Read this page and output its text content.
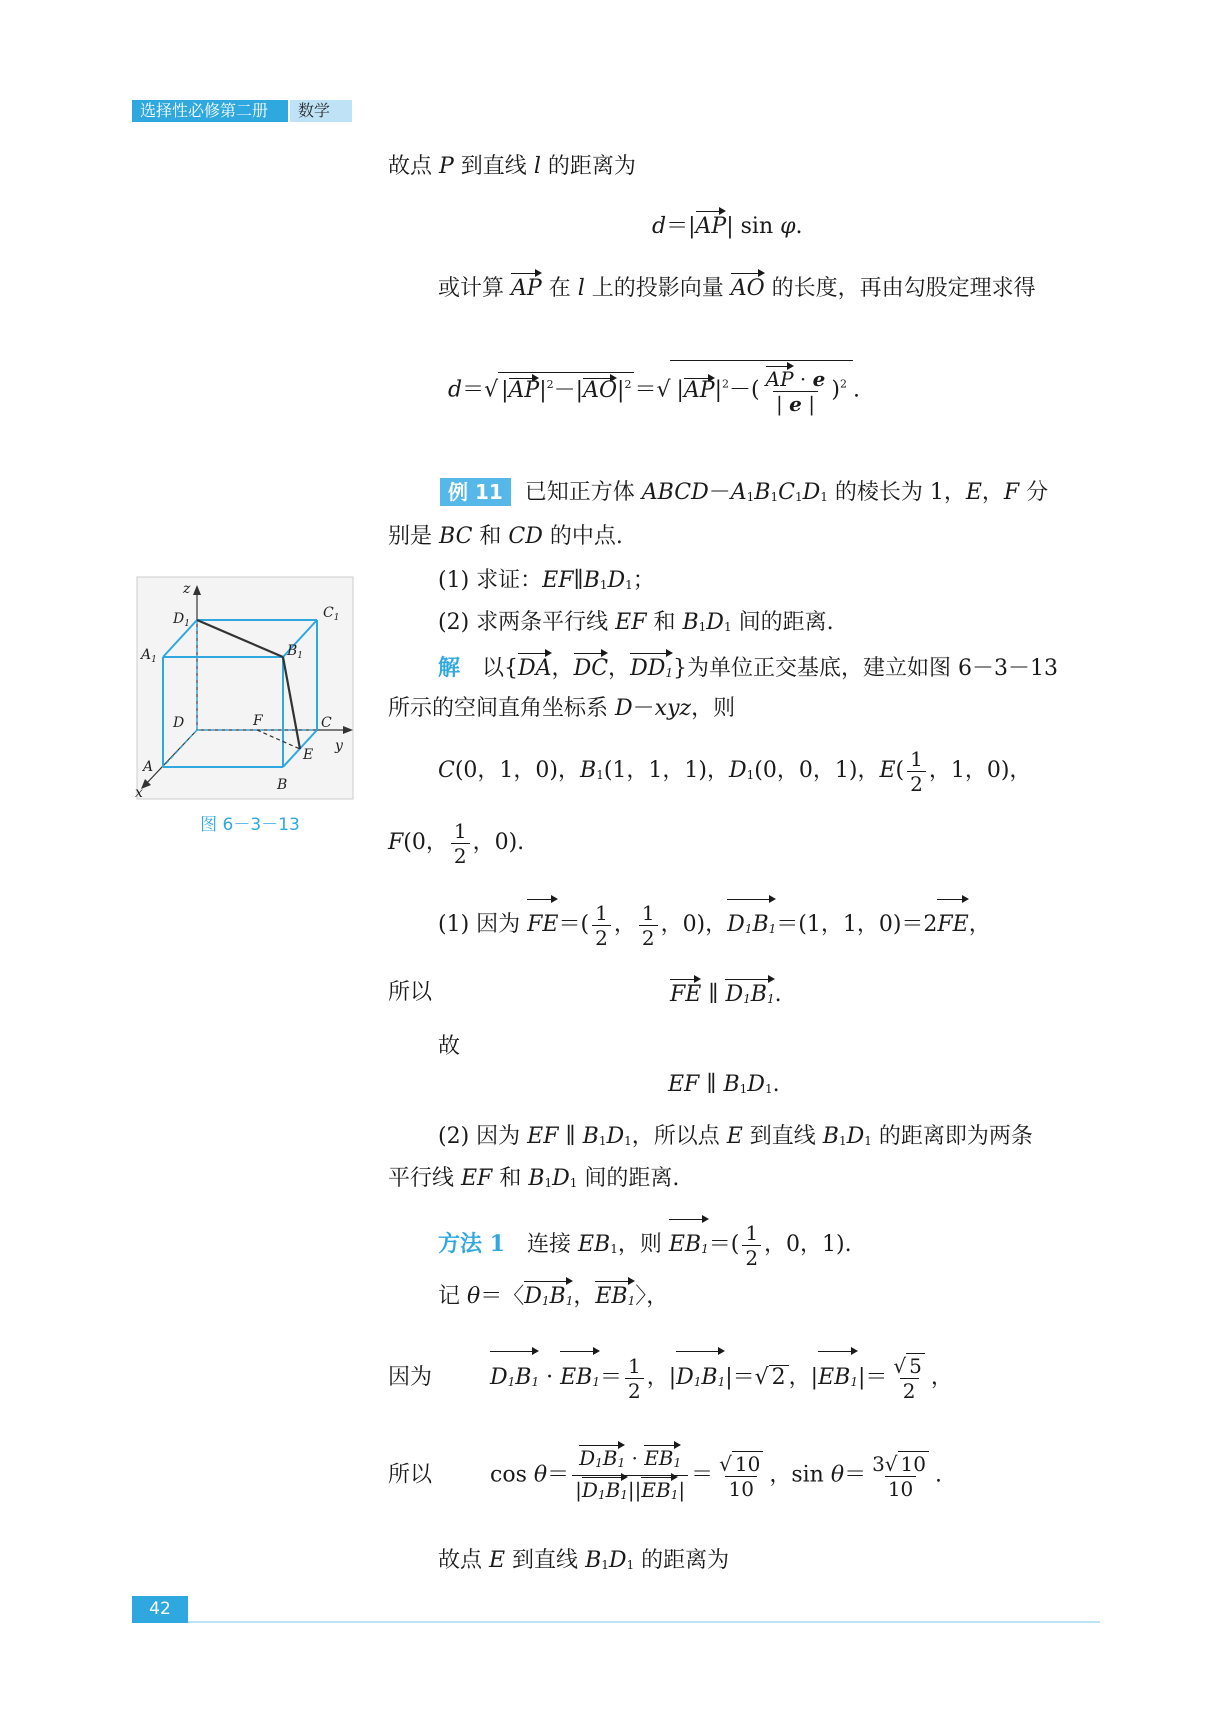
选择性必修第二册	数学
故点 P 到直线 l 的距离为
d＝|AP| sin φ.
或计算 AP 在 l 上的投影向量 AO 的长度，再由勾股定理求得
d＝√ $|AP|^2-|AO|^2$ ＝√ $|AP|^2-( \frac{AP \cdot e}{| e |} )^2$ .
例 11 已知正方体 $ABCD-A_1B_1C_1D_1$ 的棱长为 1，E，F 分
别是 BC 和 CD 的中点.
(1) 求证：$EF\parallel B_1D_1$；
(2) 求两条平行线 EF 和 $B_1D_1$ 间的距离.
解　以{DA，DC，$DD_1$}为单位正交基底，建立如图 6－3－13
所示的空间直角坐标系 D－xyz，则
C(0，1，0)，$B_1(1$，1，1)，$D_1(0$，0，1)，$E( \frac{1}{2}$ ，1，0)，
F(0， $\frac{1}{2}$ ，0).
(1) 因为 $FE=( \frac{1}{2}$ ， $\frac{1}{2}$ ，0)，$D_1B_1=(1$，1，0)＝2FE，
所以	FE ∥ $D_1B_1$.
故
EF ∥ $B_1D_1$.
(2) 因为 EF ∥ $B_1D_1$，所以点 E 到直线 $B_1D_1$ 的距离即为两条
平行线 EF 和 $B_1D_1$ 间的距离.
方法 1　连接 $EB_1$，则 $EB_1=( \frac{1}{2}$ ，0，1).
记 θ＝〈$D_1B_1$，$EB_1$〉，
因为	$D_1B_1 \cdot EB_1= \frac{1}{2}$ ，$|D_1B_1|=√$ 2 ，$|EB_1|= \frac{√ 5}{2}$ ，
所以	$\cos \theta= \frac{D_1B_1 \cdot EB_1}{|D_1B_1||EB_1|} = \frac{√ 10}{10}$ ，$\sin \theta= \frac{3√ 10}{10}$ .
故点 E 到直线 $B_1D_1$ 的距离为
z
y
x
$D_1$
$C_1$
$A_1$
$B_1$
D	F	C
A
E
B
图 6－3－13
42
